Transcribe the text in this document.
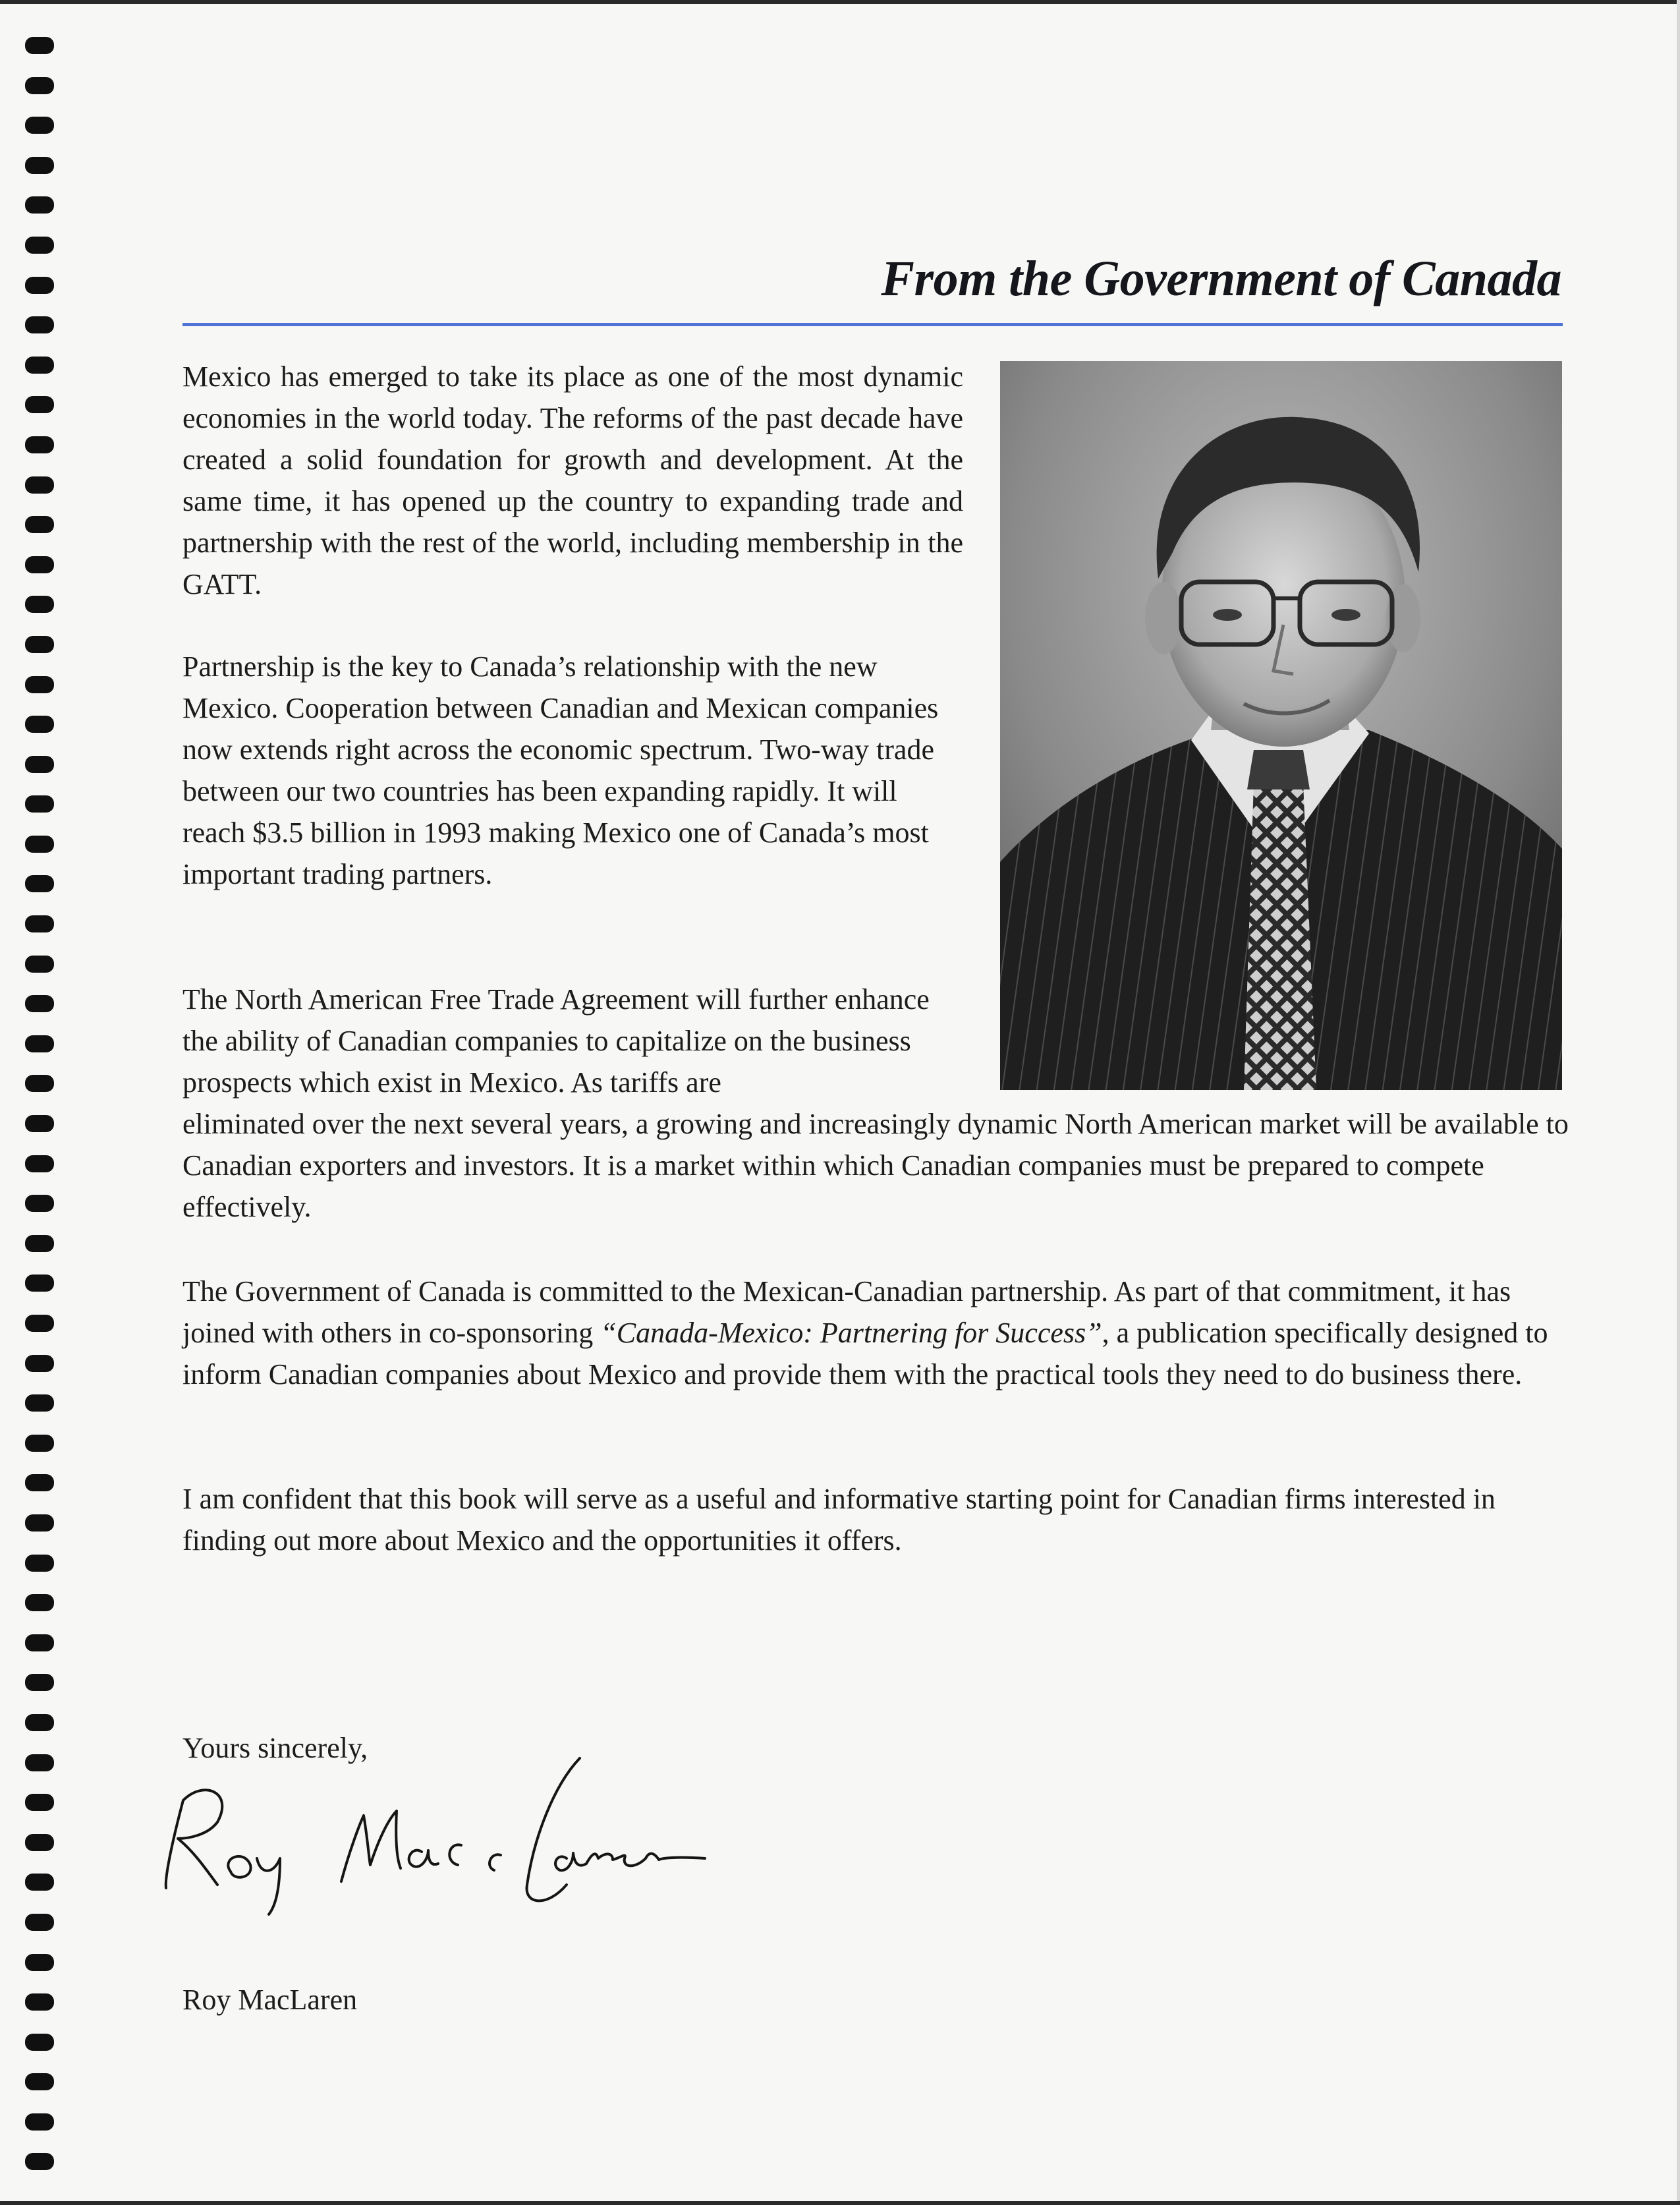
From the Government of Canada
Mexico has emerged to take its place as one of the most dynamic economies in the world today. The reforms of the past decade have created a solid foundation for growth and development. At the same time, it has opened up the country to expanding trade and partnership with the rest of the world, including membership in the GATT.
Partnership is the key to Canada’s relationship with the new Mexico. Cooperation between Canadian and Mexican companies now extends right across the economic spectrum. Two-way trade between our two countries has been expanding rapidly. It will reach $3.5 billion in 1993 making Mexico one of Canada’s most important trading partners.
The North American Free Trade Agreement will further enhance the ability of Canadian companies to capitalize on the business prospects which exist in Mexico. As tariffs are
eliminated over the next several years, a growing and increasingly dynamic North American market will be available to Canadian exporters and investors. It is a market within which Canadian companies must be prepared to compete effectively.
The Government of Canada is committed to the Mexican-Canadian partnership. As part of that commitment, it has joined with others in co-sponsoring “Canada-Mexico: Partnering for Success”, a publication specifically designed to inform Canadian companies about Mexico and provide them with the practical tools they need to do business there.
I am confident that this book will serve as a useful and informative starting point for Canadian firms interested in finding out more about Mexico and the opportunities it offers.
Yours sincerely,
Roy MacLaren
